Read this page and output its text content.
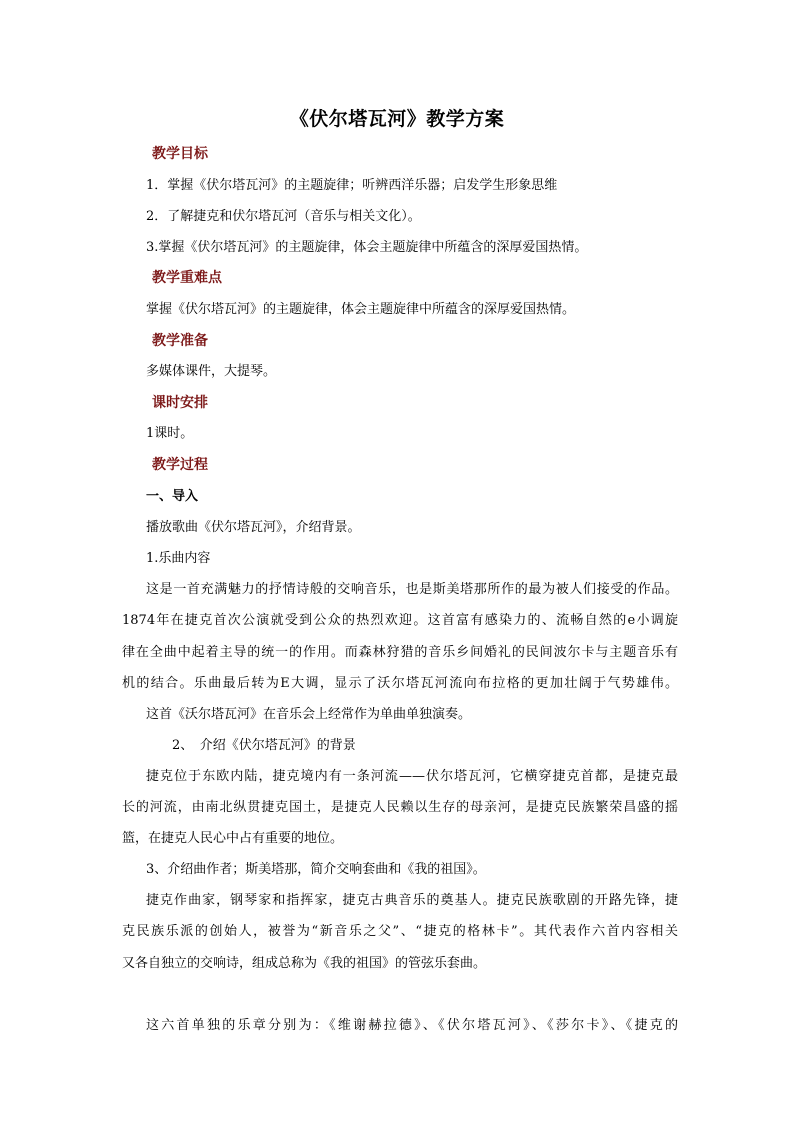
《伏尔塔瓦河》教学方案
教学目标
1．掌握《伏尔塔瓦河》的主题旋律；听辨西洋乐器；启发学生形象思维
2．了解捷克和伏尔塔瓦河（音乐与相关文化）。
3.掌握《伏尔塔瓦河》的主题旋律，体会主题旋律中所蕴含的深厚爱国热情。
教学重难点
掌握《伏尔塔瓦河》的主题旋律，体会主题旋律中所蕴含的深厚爱国热情。
教学准备
多媒体课件，大提琴。
课时安排
1课时。
教学过程
一、导入
播放歌曲《伏尔塔瓦河》，介绍背景。
1.乐曲内容
这是一首充满魅力的抒情诗般的交响音乐，也是斯美塔那所作的最为被人们接受的作品。
1874年在捷克首次公演就受到公众的热烈欢迎。这首富有感染力的、流畅自然的e小调旋
律在全曲中起着主导的统一的作用。而森林狩猎的音乐乡间婚礼的民间波尔卡与主题音乐有
机的结合。乐曲最后转为E大调，显示了沃尔塔瓦河流向布拉格的更加壮阔于气势雄伟。
这首《沃尔塔瓦河》在音乐会上经常作为单曲单独演奏。
2、　介绍《伏尔塔瓦河》的背景
捷克位于东欧内陆，捷克境内有一条河流——伏尔塔瓦河，它横穿捷克首都，是捷克最
长的河流，由南北纵贯捷克国土，是捷克人民赖以生存的母亲河，是捷克民族繁荣昌盛的摇
篮，在捷克人民心中占有重要的地位。
3、介绍曲作者；斯美塔那，简介交响套曲和《我的祖国》。
捷克作曲家，钢琴家和指挥家，捷克古典音乐的奠基人。捷克民族歌剧的开路先锋，捷
克民族乐派的创始人，被誉为“新音乐之父”、“捷克的格林卡”。其代表作六首内容相关
又各自独立的交响诗，组成总称为《我的祖国》的管弦乐套曲。
这六首单独的乐章分别为：《维谢赫拉德》、《伏尔塔瓦河》、《莎尔卡》、《捷克的
